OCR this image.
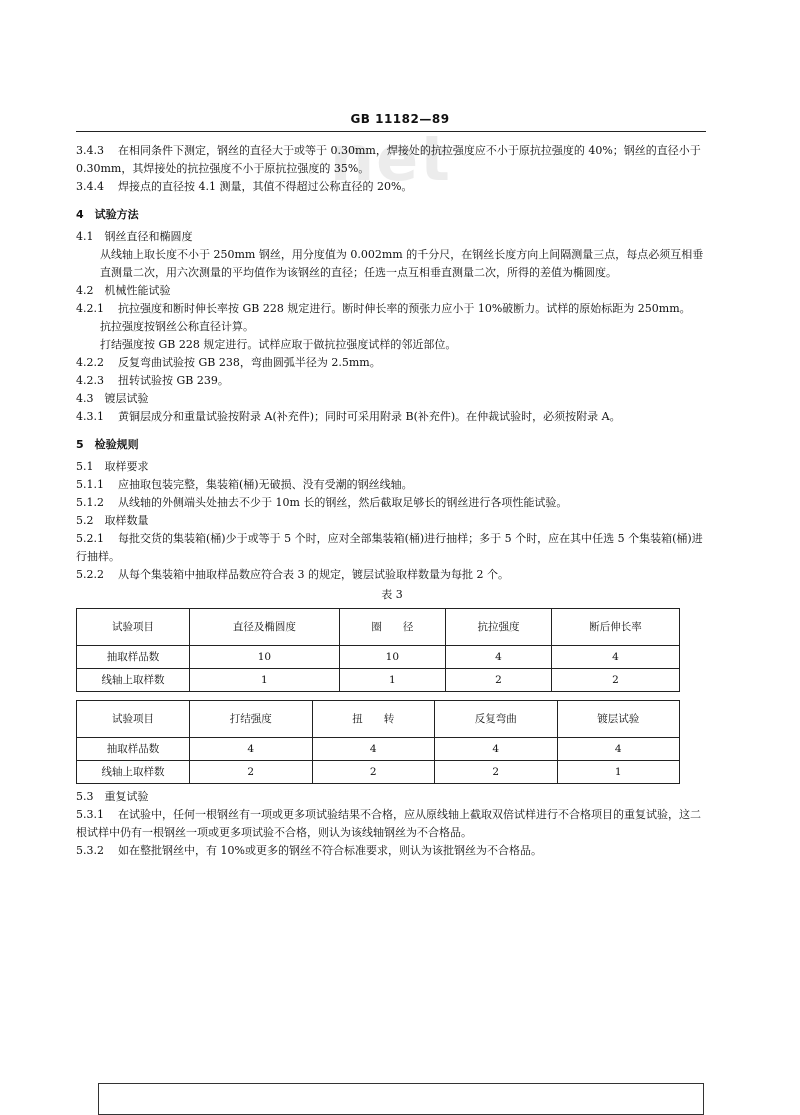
net
GB 11182—89

3.4.3 在相同条件下测定，钢丝的直径大于或等于 0.30mm，焊接处的抗拉强度应不小于原抗拉强度的 40%；钢丝的直径小于 0.30mm，其焊接处的抗拉强度不小于原抗拉强度的 35%。

3.4.4 焊接点的直径按 4.1 测量，其值不得超过公称直径的 20%。

4　试验方法

4.1　钢丝直径和椭圆度

从线轴上取长度不小于 250mm 钢丝，用分度值为 0.002mm 的千分尺，在钢丝长度方向上间隔测量三点，每点必须互相垂直测量二次，用六次测量的平均值作为该钢丝的直径；任选一点互相垂直测量二次，所得的差值为椭圆度。

4.2　机械性能试验

4.2.1 抗拉强度和断时伸长率按 GB 228 规定进行。断时伸长率的预张力应小于 10%破断力。试样的原始标距为 250mm。

抗拉强度按钢丝公称直径计算。

打结强度按 GB 228 规定进行。试样应取于做抗拉强度试样的邻近部位。

4.2.2 反复弯曲试验按 GB 238，弯曲圆弧半径为 2.5mm。

4.2.3 扭转试验按 GB 239。

4.3　镀层试验

4.3.1 黄铜层成分和重量试验按附录 A(补充件)；同时可采用附录 B(补充件)。在仲裁试验时，必须按附录 A。

5　检验规则

5.1　取样要求

5.1.1 应抽取包装完整，集装箱(桶)无破损、没有受潮的钢丝线轴。

5.1.2 从线轴的外侧端头处抽去不少于 10m 长的钢丝，然后截取足够长的钢丝进行各项性能试验。

5.2　取样数量

5.2.1 每批交货的集装箱(桶)少于或等于 5 个时，应对全部集装箱(桶)进行抽样；多于 5 个时，应在其中任选 5 个集装箱(桶)进行抽样。

5.2.2 从每个集装箱中抽取样品数应符合表 3 的规定，镀层试验取样数量为每批 2 个。

表 3

试验项目	直径及椭圆度	圈　　径	抗拉强度	断后伸长率
抽取样品数	10	10	4	4
线轴上取样数	1	1	2	2
试验项目	打结强度	扭　　转	反复弯曲	镀层试验
抽取样品数	4	4	4	4
线轴上取样数	2	2	2	1

5.3　重复试验

5.3.1 在试验中，任何一根钢丝有一项或更多项试验结果不合格，应从原线轴上截取双倍试样进行不合格项目的重复试验，这二根试样中仍有一根钢丝一项或更多项试验不合格，则认为该线轴钢丝为不合格品。

5.3.2 如在整批钢丝中，有 10%或更多的钢丝不符合标准要求，则认为该批钢丝为不合格品。
